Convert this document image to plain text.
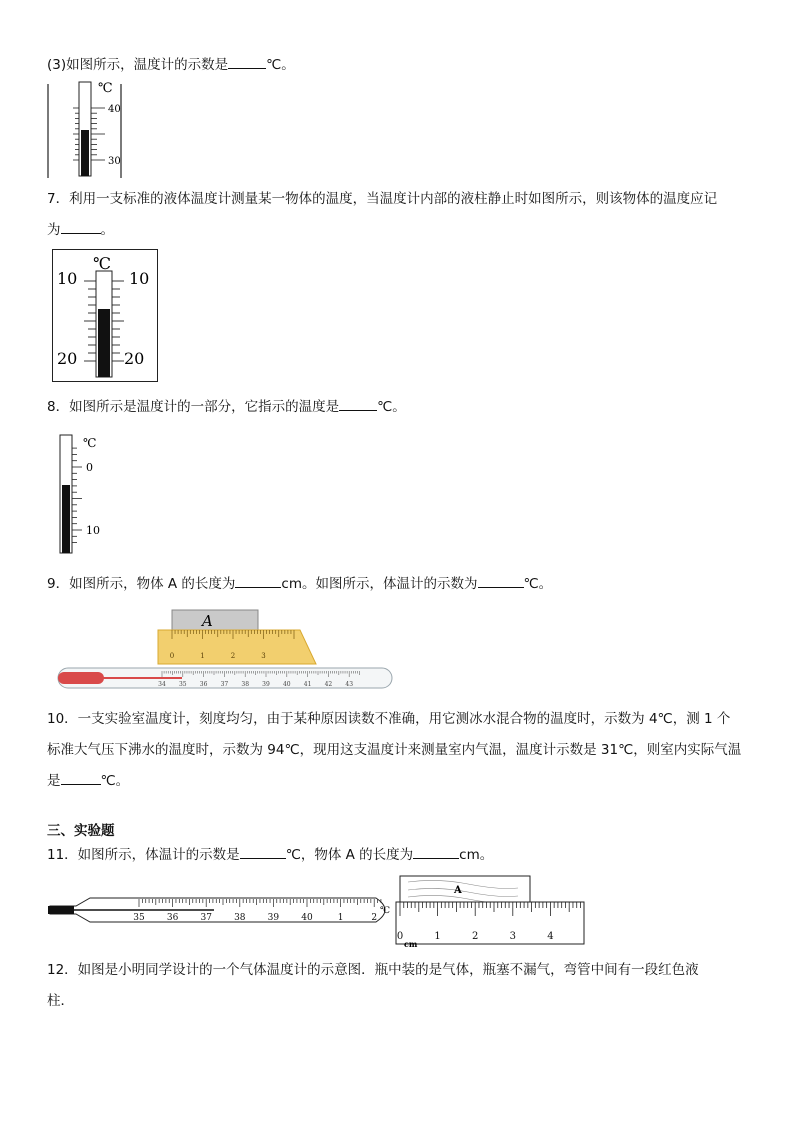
(3)如图所示，温度计的示数是	℃。
℃
40
30
7．利用一支标准的液体温度计测量某一物体的温度，当温度计内部的液柱静止时如图所示，则该物体的温度应记
为	。
℃
10	10
20	20
8．如图所示是温度计的一部分，它指示的温度是	℃。
℃
0
10
9．如图所示，物体 A 的长度为	cm。如图所示，体温计的示数为	℃。
A
0	1	2	3
34 35 36 37 38 39 40 41 42 43
10．一支实验室温度计，刻度均匀，由于某种原因读数不准确，用它测冰水混合物的温度时，示数为 4℃，测 1 个
标准大气压下沸水的温度时，示数为 94℃，现用这支温度计来测量室内气温，温度计示数是 31℃，则室内实际气温
是	℃。
三、实验题
11．如图所示，体温计的示数是	℃，物体 A 的长度为	cm。
35 36 37 38 39 40	1	2
℃
A
0	1	2	3	4
cm
12．如图是小明同学设计的一个气体温度计的示意图．瓶中装的是气体，瓶塞不漏气，弯管中间有一段红色液
柱．
